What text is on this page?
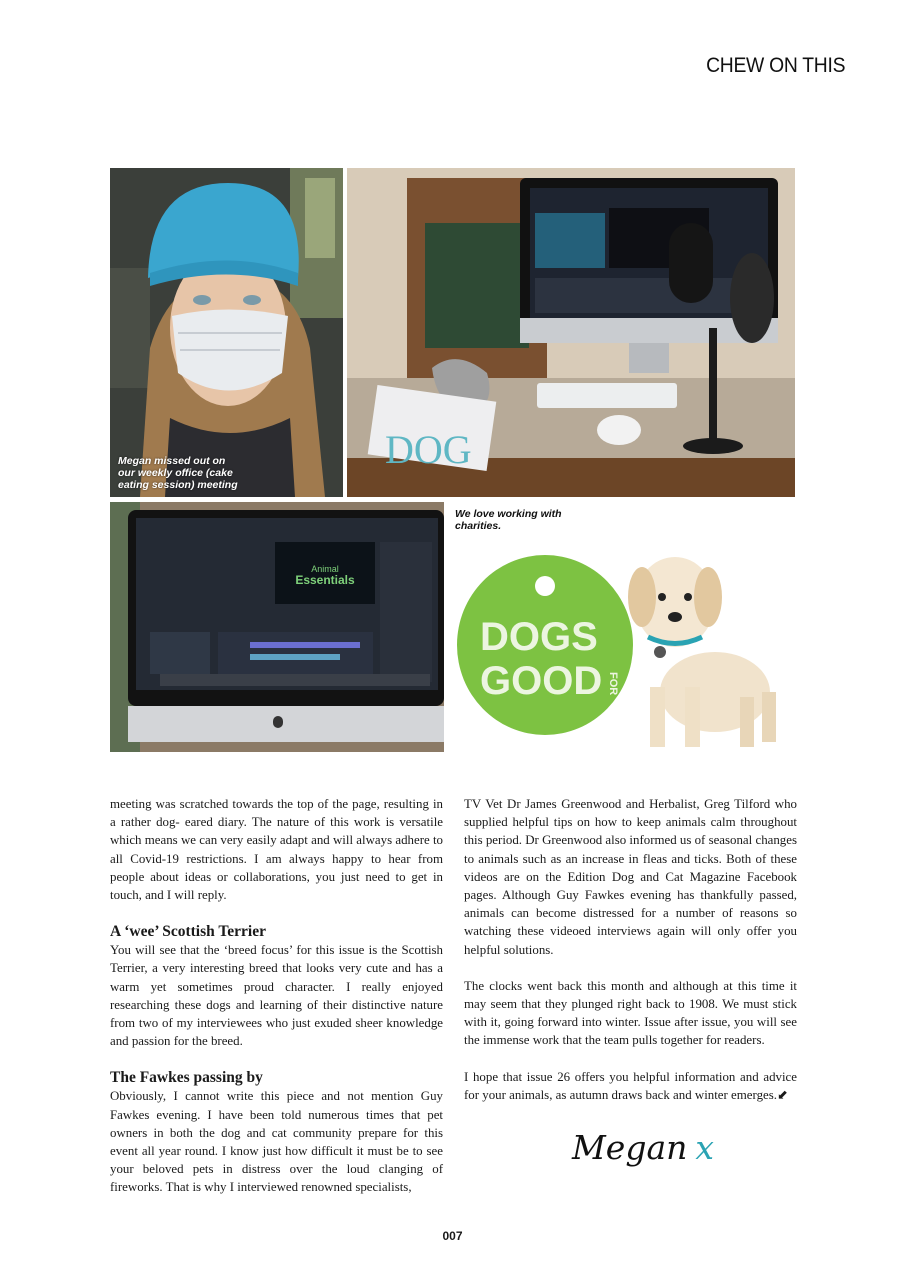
CHEW ON THIS
Megan missed out on our weekly office (cake eating session) meeting
DOG
Animal
Essentials
DOGS
GOOD FOR
We love working with charities.

meeting was scratched towards the top of the page, resulting in a rather dog- eared diary. The nature of this work is versatile which means we can very easily adapt and will always adhere to all Covid-19 restrictions. I am always happy to hear from people about ideas or collaborations, you just need to get in touch, and I will reply.

A ‘wee’ Scottish Terrier

You will see that the ‘breed focus’ for this issue is the Scottish Terrier, a very interesting breed that looks very cute and has a warm yet sometimes proud character. I really enjoyed researching these dogs and learning of their distinctive nature from two of my interviewees who just exuded sheer knowledge and passion for the breed.

The Fawkes passing by

Obviously, I cannot write this piece and not mention Guy Fawkes evening. I have been told numerous times that pet owners in both the dog and cat community prepare for this event all year round. I know just how difficult it must be to see your beloved pets in distress over the loud clanging of fireworks. That is why I interviewed renowned specialists,

TV Vet Dr James Greenwood and Herbalist, Greg Tilford who supplied helpful tips on how to keep animals calm throughout this period. Dr Greenwood also informed us of seasonal changes to animals such as an increase in fleas and ticks. Both of these videos are on the Edition Dog and Cat Magazine Facebook pages. Although Guy Fawkes evening has thankfully passed, animals can become distressed for a number of reasons so watching these videoed interviews again will only offer you helpful solutions.

The clocks went back this month and although at this time it may seem that they plunged right back to 1908. We must stick with it, going forward into winter. Issue after issue, you will see the immense work that the team pulls together for readers.

I hope that issue 26 offers you helpful information and advice for your animals, as autumn draws back and winter emerges.⬋

Megan x
007
